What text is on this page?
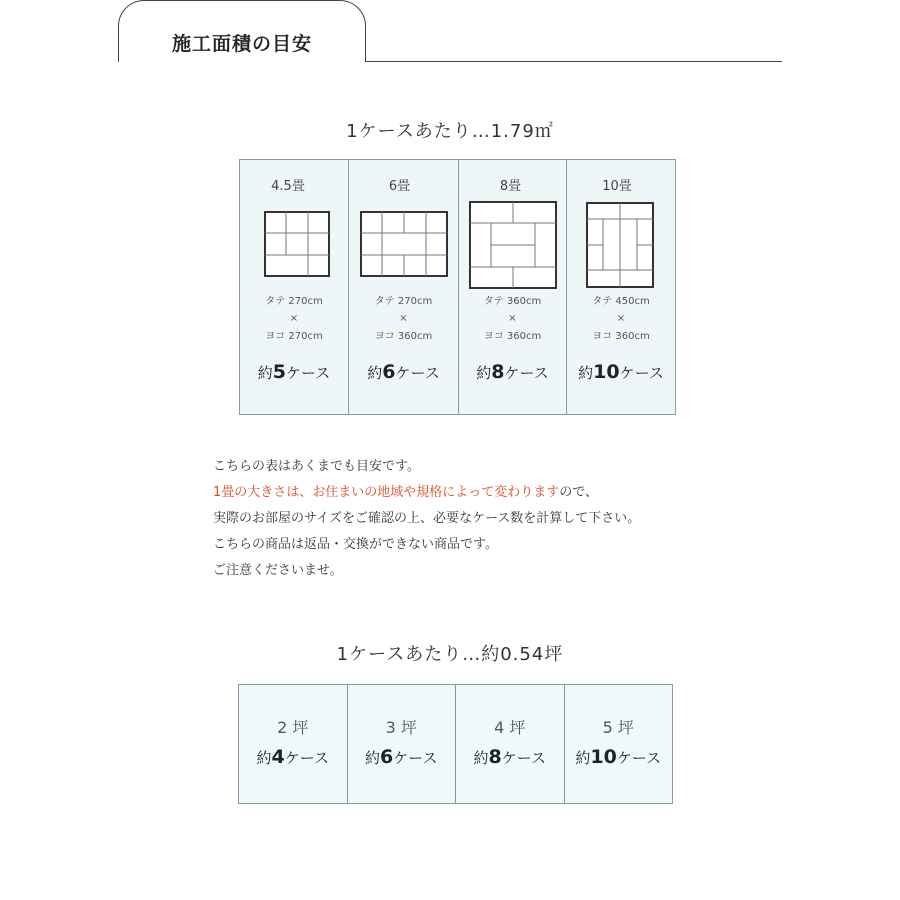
施工面積の目安
1ケースあたり…1.79㎡
4.5畳
タテ 270cm
×
ヨコ 270cm
約5ケース
6畳
タテ 270cm
×
ヨコ 360cm
約6ケース
8畳
タテ 360cm
×
ヨコ 360cm
約8ケース
10畳
タテ 450cm
×
ヨコ 360cm
約10ケース
こちらの表はあくまでも目安です。
1畳の大きさは、お住まいの地域や規格によって変わりますので、
実際のお部屋のサイズをご確認の上、必要なケース数を計算して下さい。
こちらの商品は返品・交換ができない商品です。
ご注意くださいませ。
1ケースあたり…約0.54坪
2 坪
約4ケース
3 坪
約6ケース
4 坪
約8ケース
5 坪
約10ケース
